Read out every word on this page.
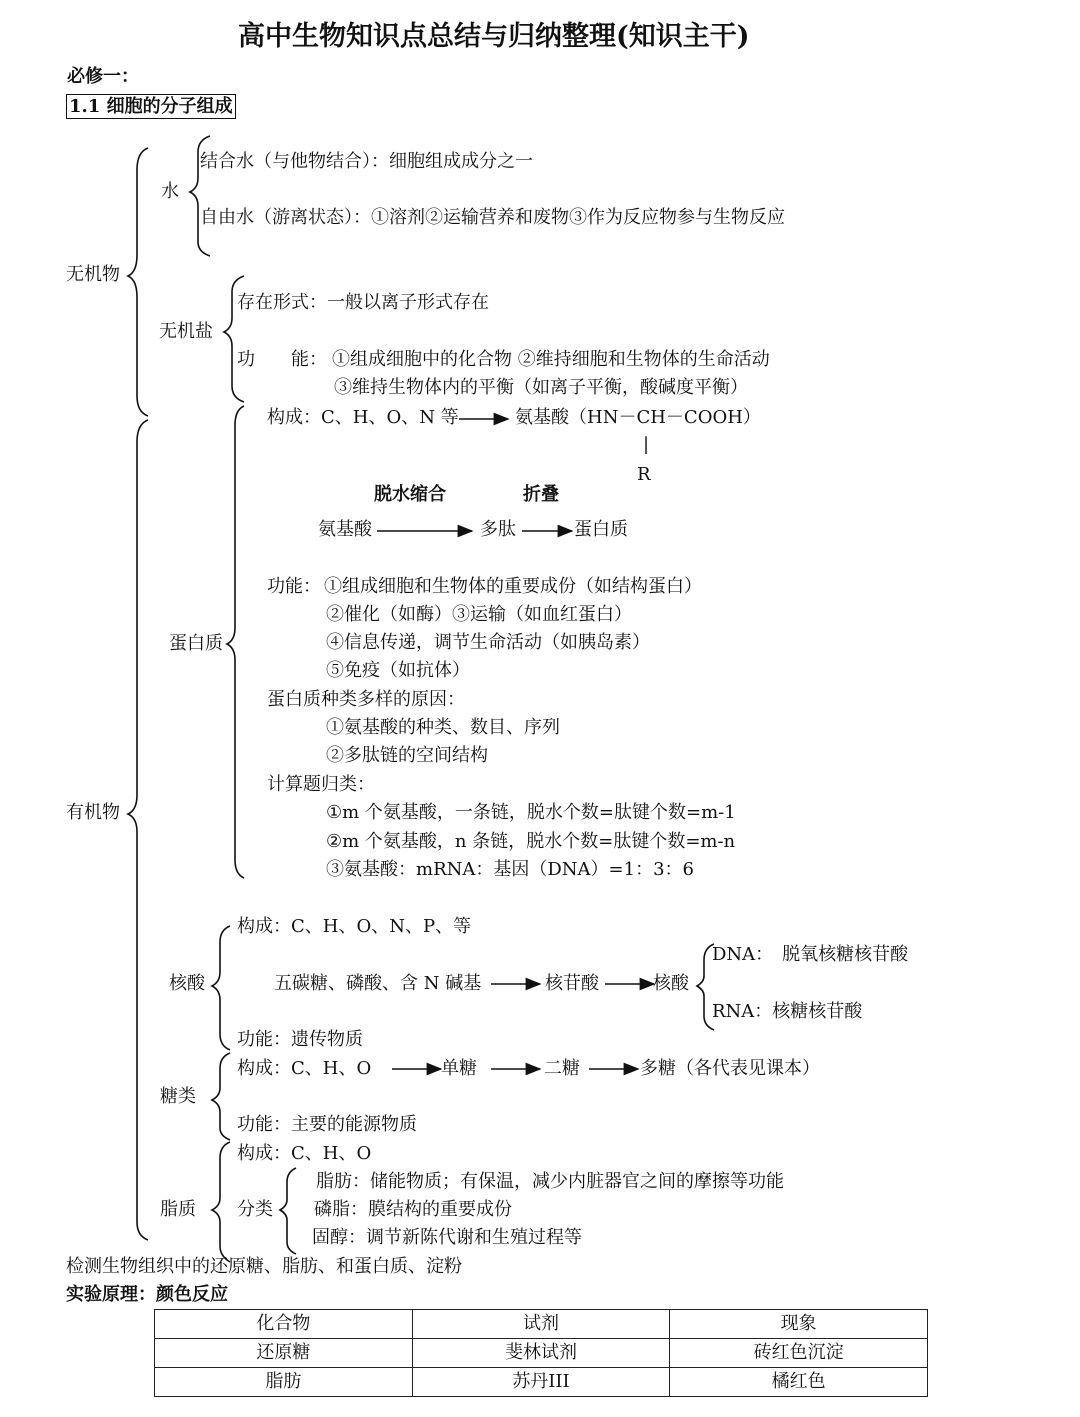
高中生物知识点总结与归纳整理(知识主干)
必修一：
1.1 细胞的分子组成
无机物
水
结合水（与他物结合）：细胞组成成分之一
自由水（游离状态）：①溶剂②运输营养和废物③作为反应物参与生物反应
无机盐
存在形式：一般以离子形式存在
功　　能： ①组成细胞中的化合物 ②维持细胞和生物体的生命活动
③维持生物体内的平衡（如离子平衡，酸碱度平衡）
有机物
蛋白质
构成：C、H、O、N 等	氨基酸（HN－CH－COOH）
|
R
脱水缩合	折叠
氨基酸	多肽	蛋白质
功能： ①组成细胞和生物体的重要成份（如结构蛋白）
②催化（如酶）③运输（如血红蛋白）
④信息传递，调节生命活动（如胰岛素）
⑤免疫（如抗体）
蛋白质种类多样的原因：
①氨基酸的种类、数目、序列
②多肽链的空间结构
计算题归类：
①m 个氨基酸，一条链，脱水个数=肽键个数=m-1
②m 个氨基酸，n 条链，脱水个数=肽键个数=m-n
③氨基酸：mRNA：基因（DNA）=1：3：6
核酸
构成：C、H、O、N、P、等
五碳糖、磷酸、含 N 碱基	核苷酸	核酸
DNA：　脱氧核糖核苷酸
RNA：核糖核苷酸
功能：遗传物质
糖类
构成：C、H、O	单糖	二糖	多糖（各代表见课本）
功能：主要的能源物质
脂质
构成：C、H、O
分类
脂肪：储能物质；有保温，减少内脏器官之间的摩擦等功能
磷脂：膜结构的重要成份
固醇：调节新陈代谢和生殖过程等
检测生物组织中的还原糖、脂肪、和蛋白质、淀粉
实验原理：颜色反应
化合物	试剂	现象
还原糖	斐林试剂	砖红色沉淀
脂肪	苏丹III	橘红色
